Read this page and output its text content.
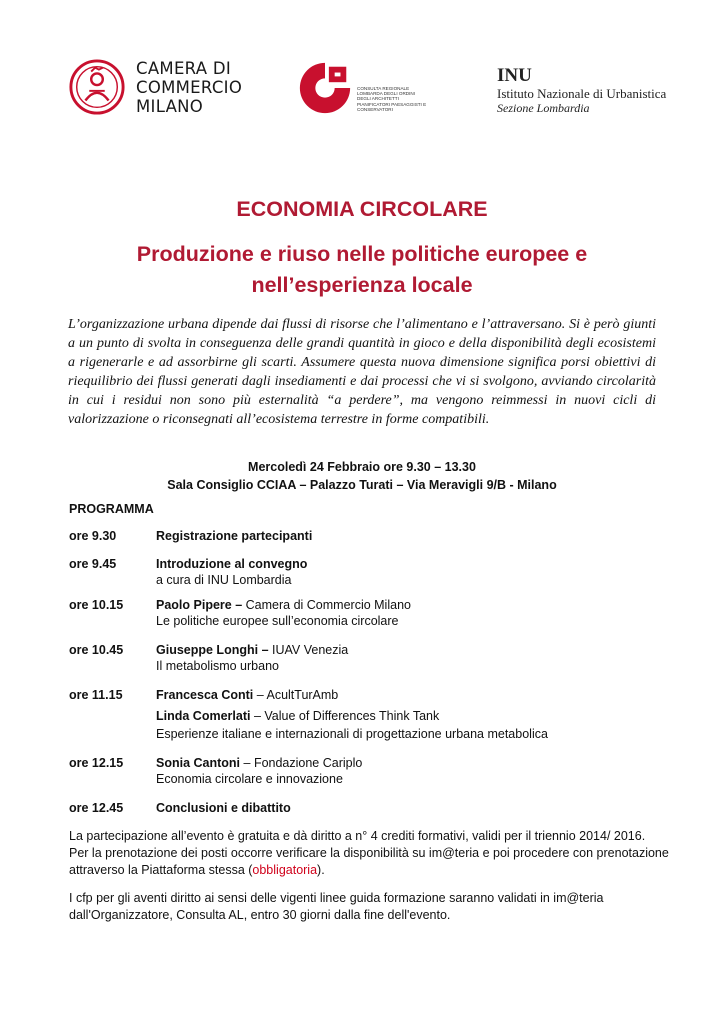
CAMERA DI
COMMERCIO
MILANO
CONSULTA REGIONALE LOMBARDA DEGLI ORDINI DEGLI ARCHITETTI PIANIFICATORI PAESAGGISTI E CONSERVATORI
INU
Istituto Nazionale di Urbanistica
Sezione Lombardia
ECONOMIA CIRCOLARE
Produzione e riuso nelle politiche europee e nell’esperienza locale
L’organizzazione urbana dipende dai flussi di risorse che l’alimentano e l’attraversano. Si è però giunti a un punto di svolta in conseguenza delle grandi quantità in gioco e della disponibilità degli ecosistemi a rigenerarle e ad assorbirne gli scarti. Assumere questa nuova dimensione significa porsi obiettivi di riequilibrio dei flussi generati dagli insediamenti e dai processi che vi si svolgono, avviando circolarità in cui i residui non sono più esternalità “a perdere”, ma vengono reimmessi in nuovi cicli di valorizzazione o riconsegnati all’ecosistema terrestre in forme compatibili.
Mercoledì 24 Febbraio ore 9.30 – 13.30
Sala Consiglio CCIAA – Palazzo Turati – Via Meravigli 9/B - Milano
PROGRAMMA
ore 9.30	Registrazione partecipanti
ore 9.45	Introduzione al convegno
a cura di INU Lombardia
ore 10.15	Paolo Pipere – Camera di Commercio Milano
Le politiche europee sull’economia circolare
ore 10.45	Giuseppe Longhi – IUAV Venezia
Il metabolismo urbano
ore 11.15	Francesca Conti – AcultTurAmb
Linda Comerlati – Value of Differences Think Tank
Esperienze italiane e internazionali di progettazione urbana metabolica
ore 12.15	Sonia Cantoni – Fondazione Cariplo
Economia circolare e innovazione
ore 12.45	Conclusioni e dibattito
La partecipazione all’evento è gratuita e dà diritto a n° 4 crediti formativi, validi per il triennio 2014/ 2016.
Per la prenotazione dei posti occorre verificare la disponibilità su im@teria e poi procedere con prenotazione attraverso la Piattaforma stessa (obbligatoria).
I cfp per gli aventi diritto ai sensi delle vigenti linee guida formazione saranno validati in im@teria dall'Organizzatore, Consulta AL, entro 30 giorni dalla fine dell'evento.
